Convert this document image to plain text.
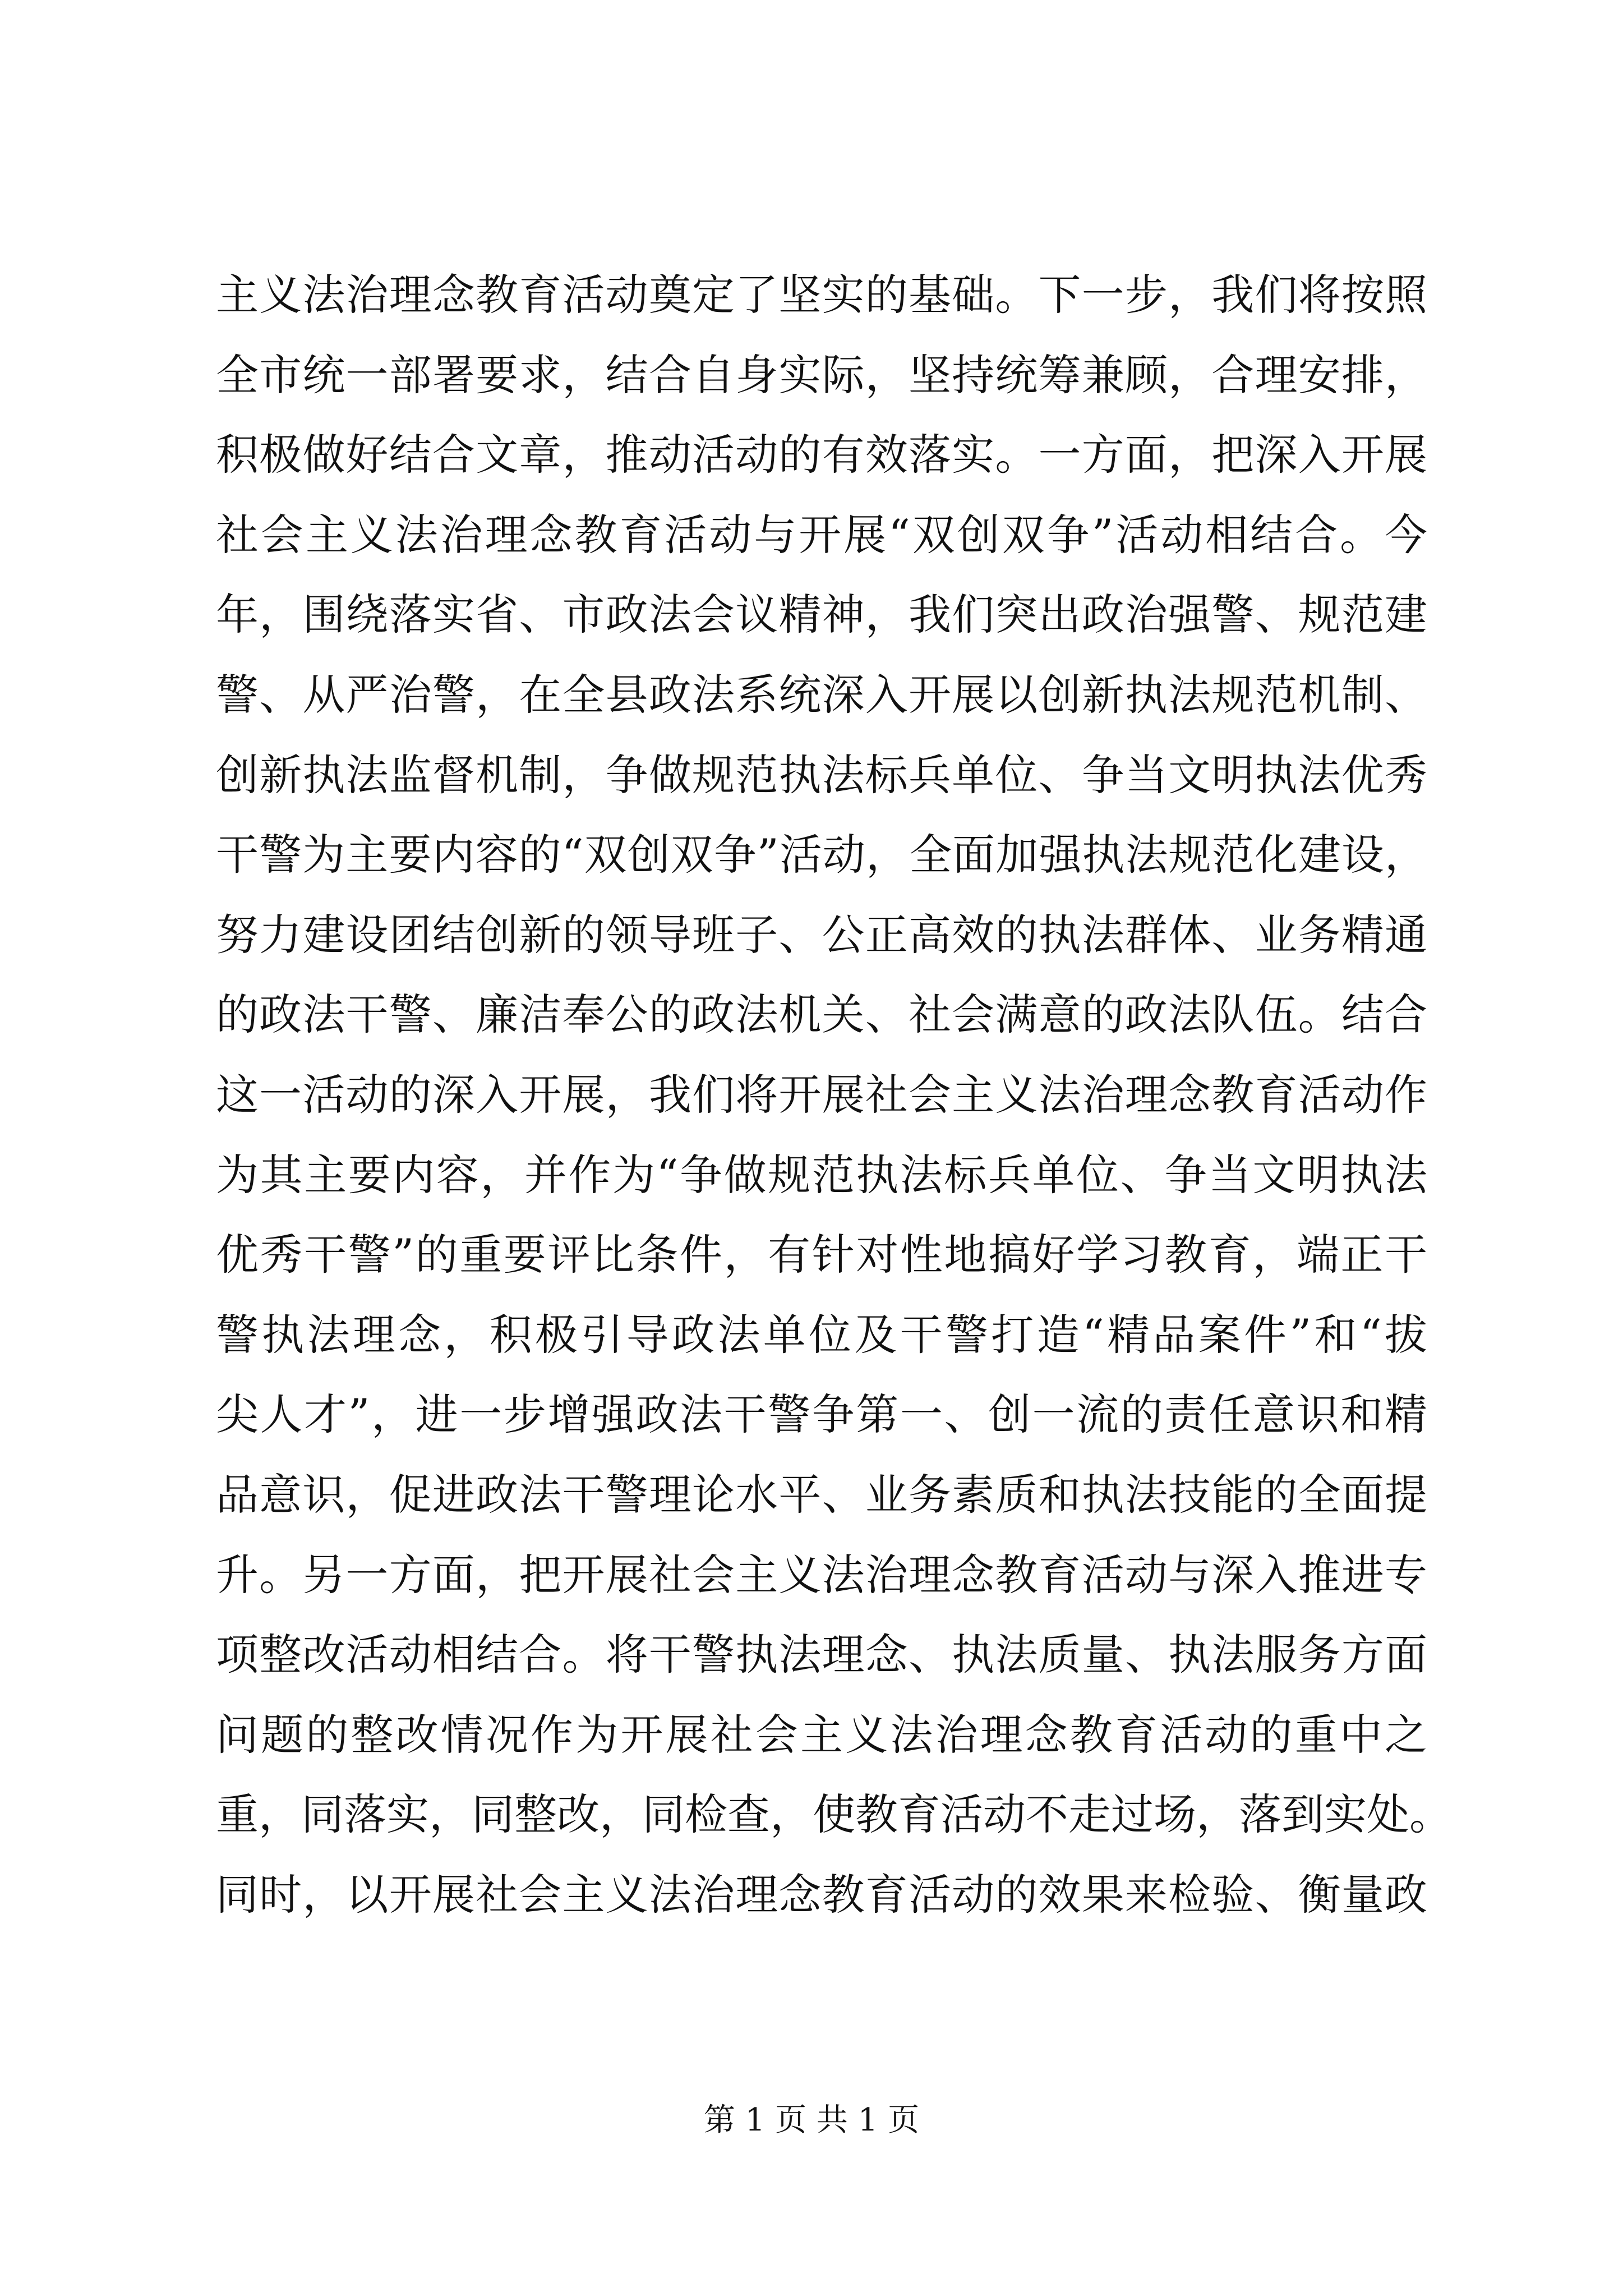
主义法治理念教育活动奠定了坚实的基础。下一步，我们将按照
全市统一部署要求，结合自身实际，坚持统筹兼顾，合理安排，
积极做好结合文章，推动活动的有效落实。一方面，把深入开展
社会主义法治理念教育活动与开展“双创双争”活动相结合。今
年，围绕落实省、市政法会议精神，我们突出政治强警、规范建
警、从严治警，在全县政法系统深入开展以创新执法规范机制、
创新执法监督机制，争做规范执法标兵单位、争当文明执法优秀
干警为主要内容的“双创双争”活动，全面加强执法规范化建设，
努力建设团结创新的领导班子、公正高效的执法群体、业务精通
的政法干警、廉洁奉公的政法机关、社会满意的政法队伍。结合
这一活动的深入开展，我们将开展社会主义法治理念教育活动作
为其主要内容，并作为“争做规范执法标兵单位、争当文明执法
优秀干警”的重要评比条件，有针对性地搞好学习教育，端正干
警执法理念，积极引导政法单位及干警打造“精品案件”和“拔
尖人才”，进一步增强政法干警争第一、创一流的责任意识和精
品意识，促进政法干警理论水平、业务素质和执法技能的全面提
升。另一方面，把开展社会主义法治理念教育活动与深入推进专
项整改活动相结合。将干警执法理念、执法质量、执法服务方面
问题的整改情况作为开展社会主义法治理念教育活动的重中之
重，同落实，同整改，同检查，使教育活动不走过场，落到实处。
同时，以开展社会主义法治理念教育活动的效果来检验、衡量政
第 1 页 共 1 页
